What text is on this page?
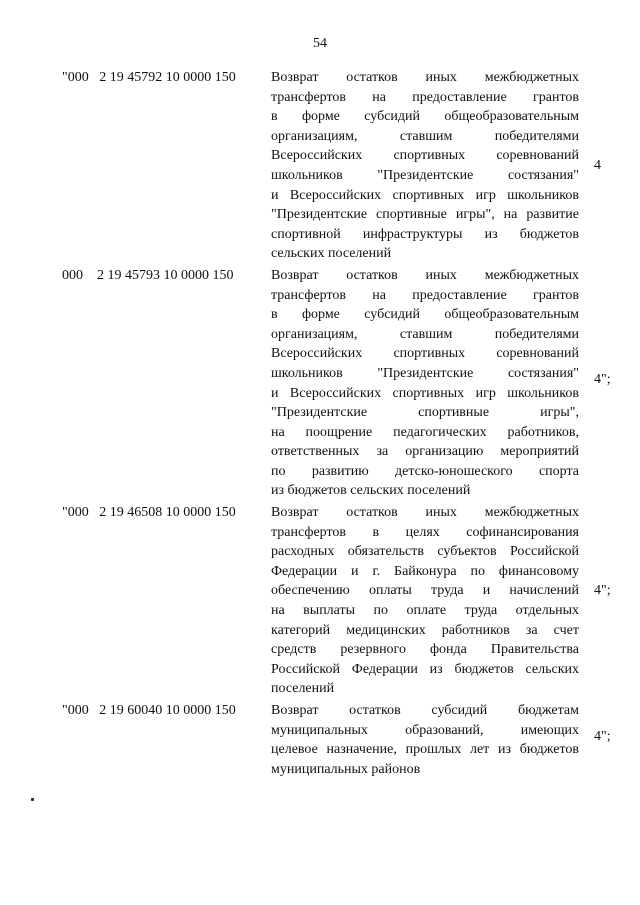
54
"000   2 19 45792 10 0000 150	Возврат остатков иных межбюджетных
трансфертов на предоставление грантов
в форме субсидий общеобразовательным
организациям, ставшим победителями
Всероссийских спортивных соревнований
школьников "Президентские состязания"
и Всероссийских спортивных игр школьников
"Президентские спортивные игры", на развитие
спортивной инфраструктуры из бюджетов
сельских поселений
4
000    2 19 45793 10 0000 150	Возврат остатков иных межбюджетных
трансфертов на предоставление грантов
в форме субсидий общеобразовательным
организациям, ставшим победителями
Всероссийских спортивных соревнований
школьников "Президентские состязания"
и Всероссийских спортивных игр школьников
"Президентские спортивные игры",
на поощрение педагогических работников,
ответственных за организацию мероприятий
по развитию детско-юношеского спорта
из бюджетов сельских поселений
4";
"000   2 19 46508 10 0000 150	Возврат остатков иных межбюджетных
трансфертов в целях софинансирования
расходных обязательств субъектов Российской
Федерации и г. Байконура по финансовому
обеспечению оплаты труда и начислений
на выплаты по оплате труда отдельных
категорий медицинских работников за счет
средств резервного фонда Правительства
Российской Федерации из бюджетов сельских
поселений
4";
"000   2 19 60040 10 0000 150	Возврат остатков субсидий бюджетам
муниципальных образований, имеющих
целевое назначение, прошлых лет из бюджетов
муниципальных районов
4";
